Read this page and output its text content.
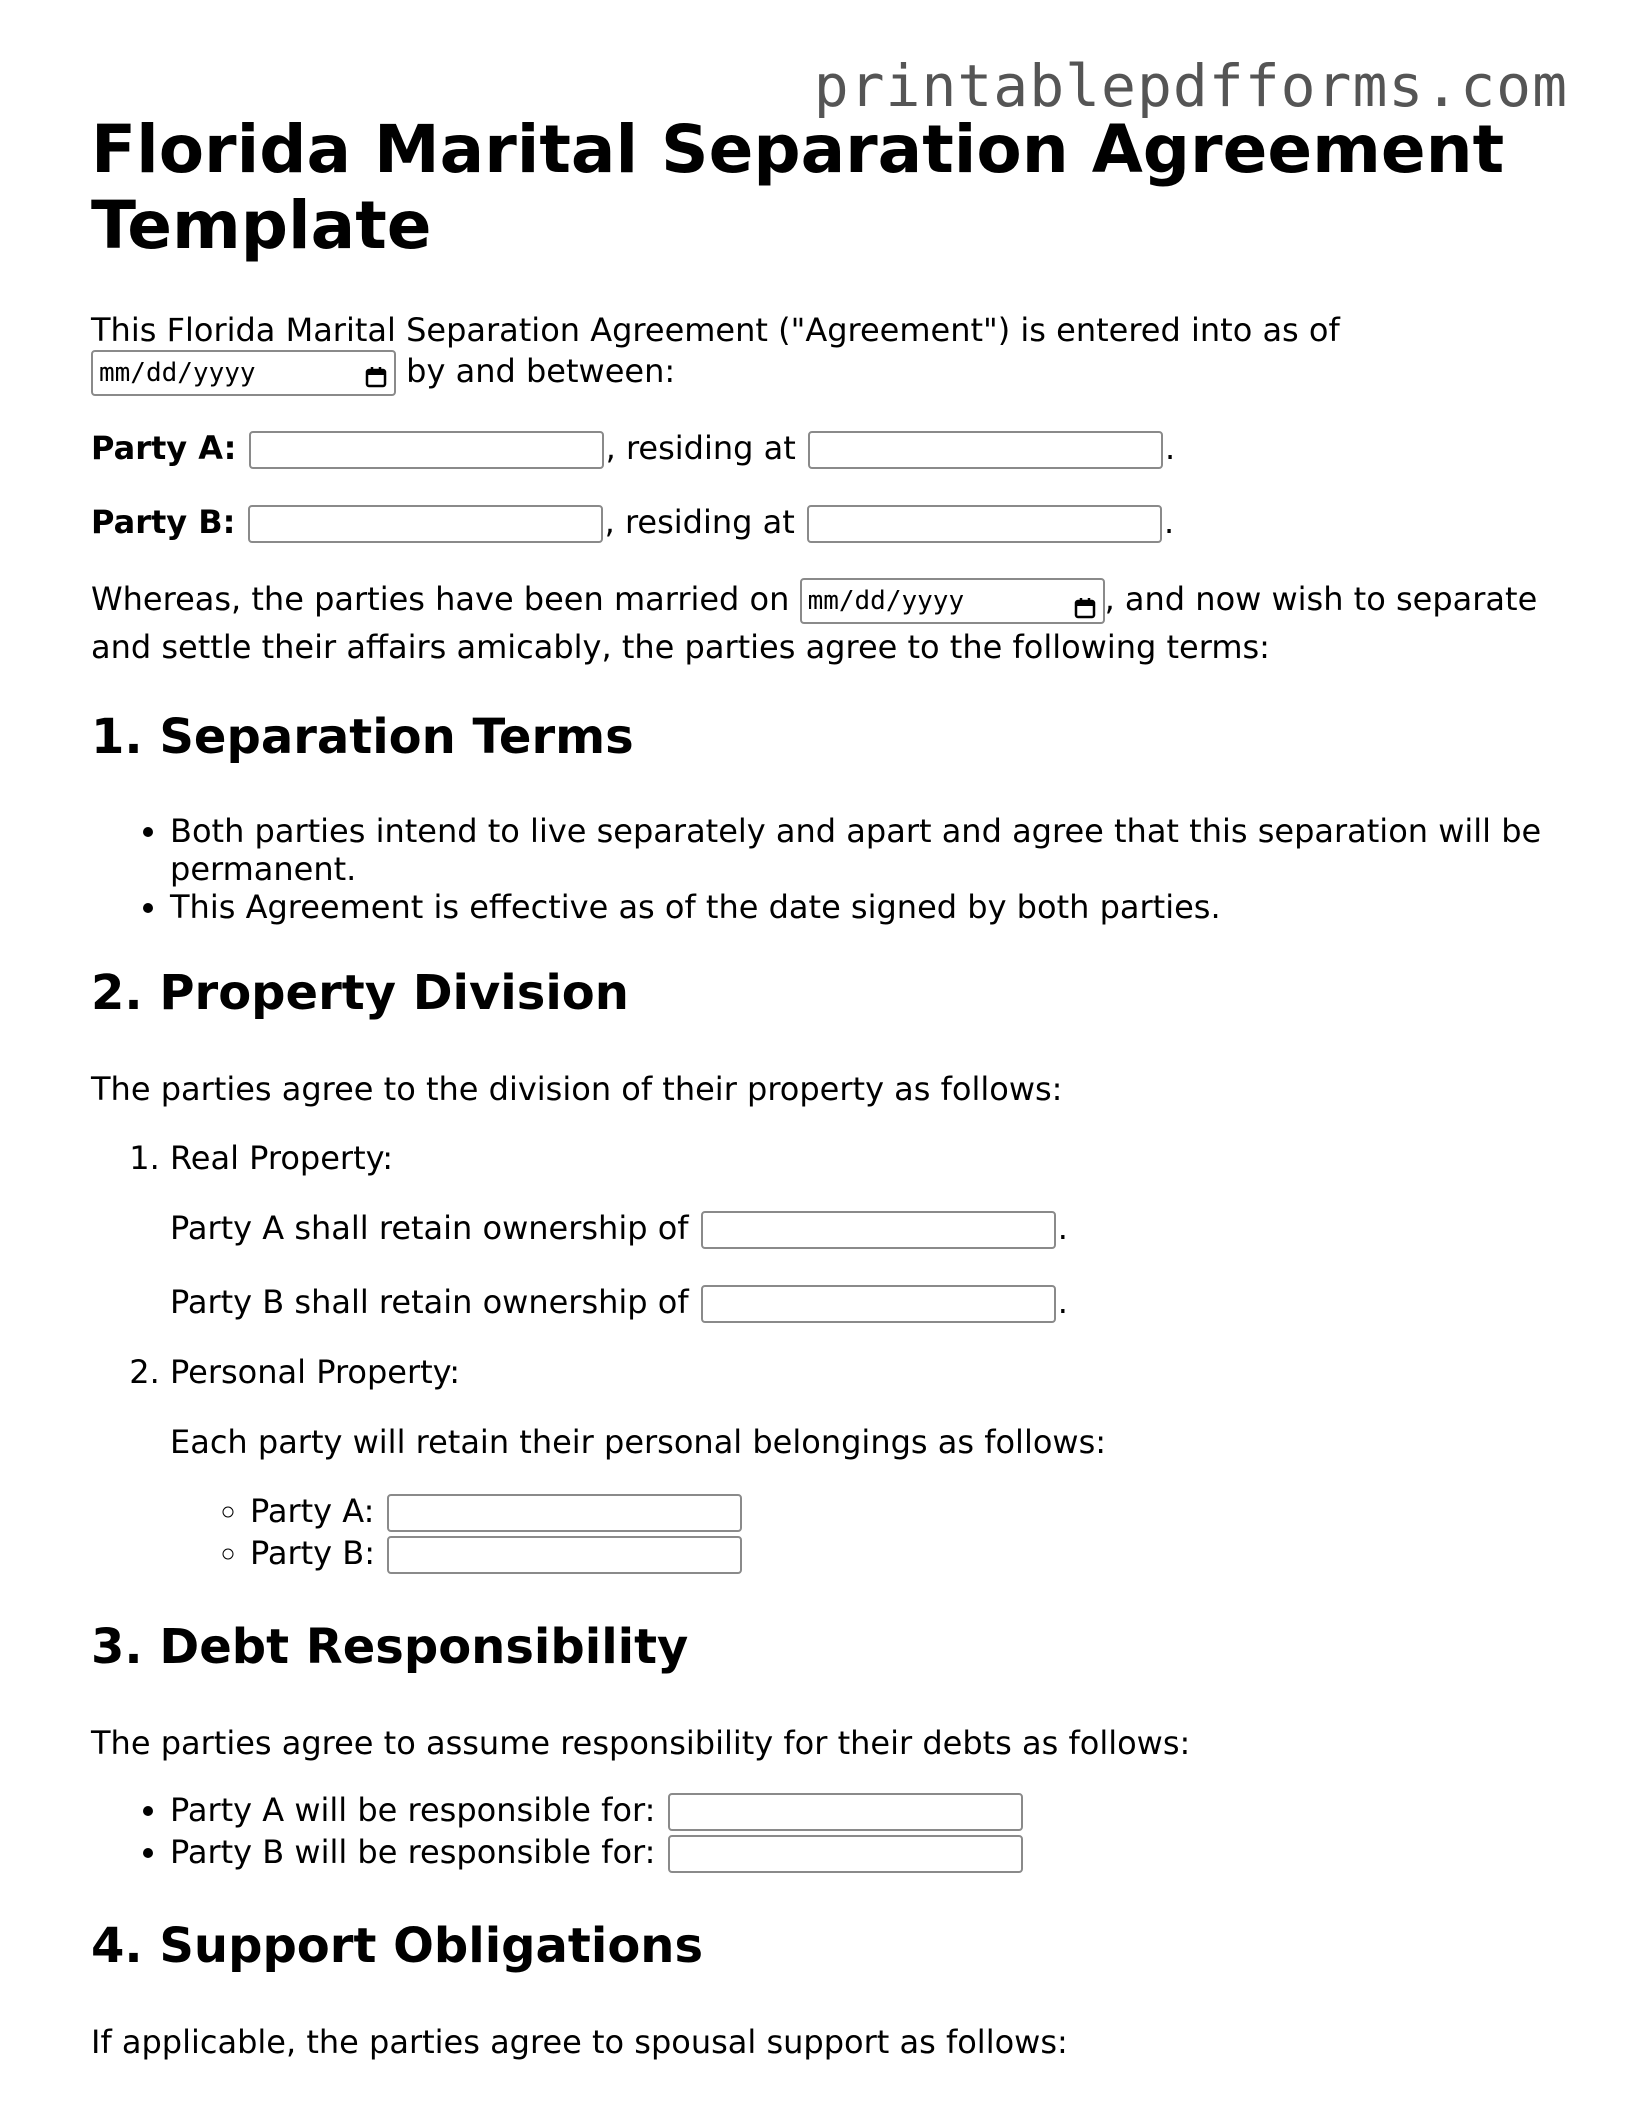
printablepdfforms.com
Florida Marital Separation Agreement Template

This Florida Marital Separation Agreement ("Agreement") is entered into as of

mm/dd/yyyy	by and between:

Party A:	, residing at	.

Party B:	, residing at	.

Whereas, the parties have been married on mm/dd/yyyy	, and now wish to separate and settle their affairs amicably, the parties agree to the following terms:

1. Separation Terms
• Both parties intend to live separately and apart and agree that this separation will be permanent.
• This Agreement is effective as of the date signed by both parties.
2. Property Division

The parties agree to the division of their property as follows:

1. Real Property:

Party A shall retain ownership of	.

Party B shall retain ownership of	.

2. Personal Property:

Each party will retain their personal belongings as follows:

◦ Party A:
◦ Party B:
3. Debt Responsibility

The parties agree to assume responsibility for their debts as follows:

• Party A will be responsible for:
• Party B will be responsible for:
4. Support Obligations

If applicable, the parties agree to spousal support as follows:
